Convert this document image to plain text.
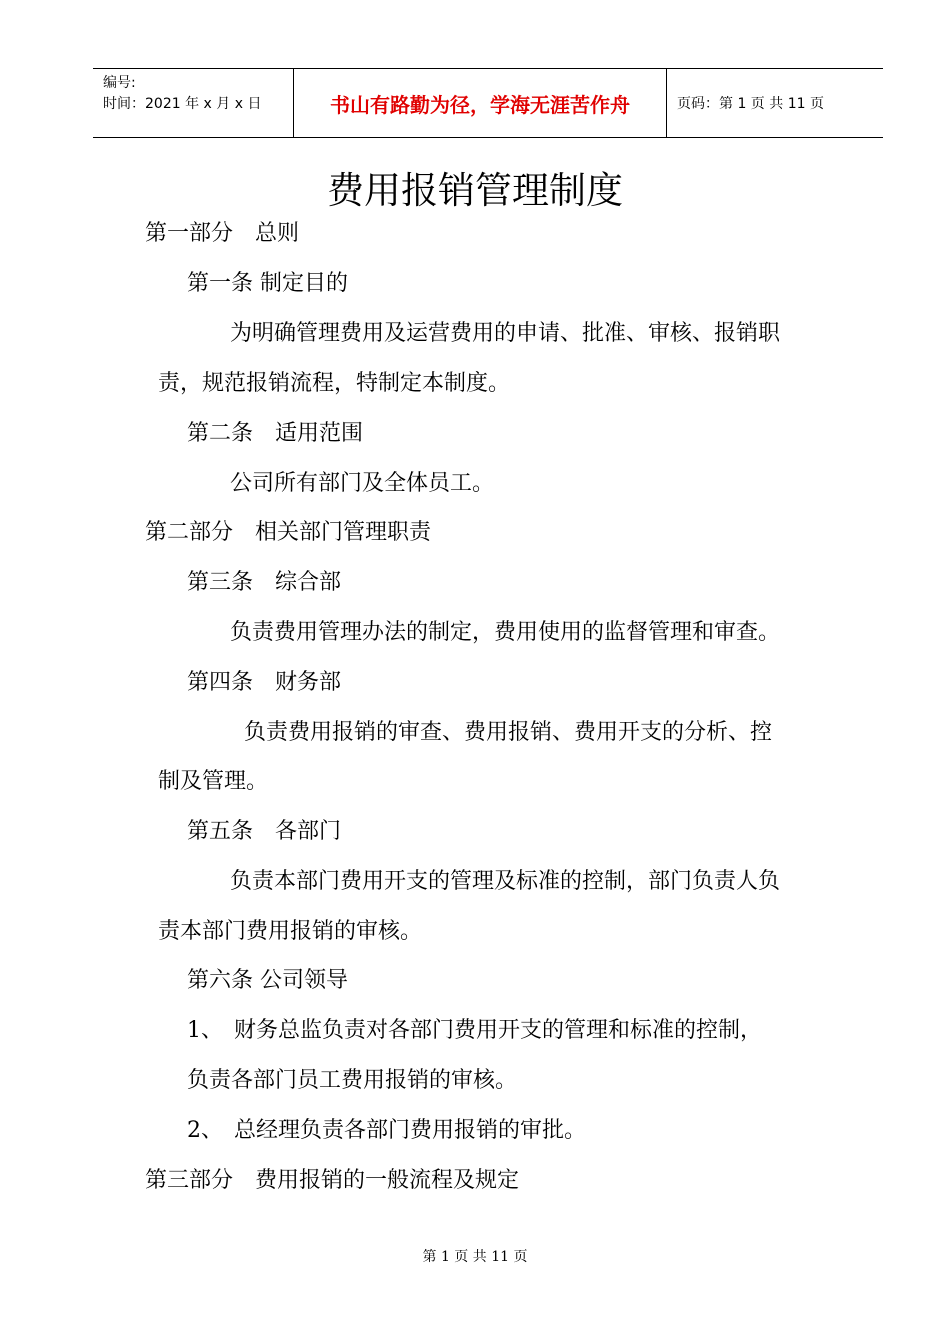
编号:
时间：2021 年 x 月 x 日	书山有路勤为径，学海无涯苦作舟	页码：第 1 页 共 11 页
费用报销管理制度
第一部分　总则
第一条 制定目的
为明确管理费用及运营费用的申请、批准、审核、报销职
责，规范报销流程，特制定本制度。
第二条　适用范围
公司所有部门及全体员工。
第二部分　相关部门管理职责
第三条　综合部
负责费用管理办法的制定，费用使用的监督管理和审查。
第四条　财务部
负责费用报销的审查、费用报销、费用开支的分析、控
制及管理。
第五条　各部门
负责本部门费用开支的管理及标准的控制，部门负责人负
责本部门费用报销的审核。
第六条 公司领导
1、　财务总监负责对各部门费用开支的管理和标准的控制，
负责各部门员工费用报销的审核。
2、　总经理负责各部门费用报销的审批。
第三部分　费用报销的一般流程及规定
第 1 页 共 11 页
